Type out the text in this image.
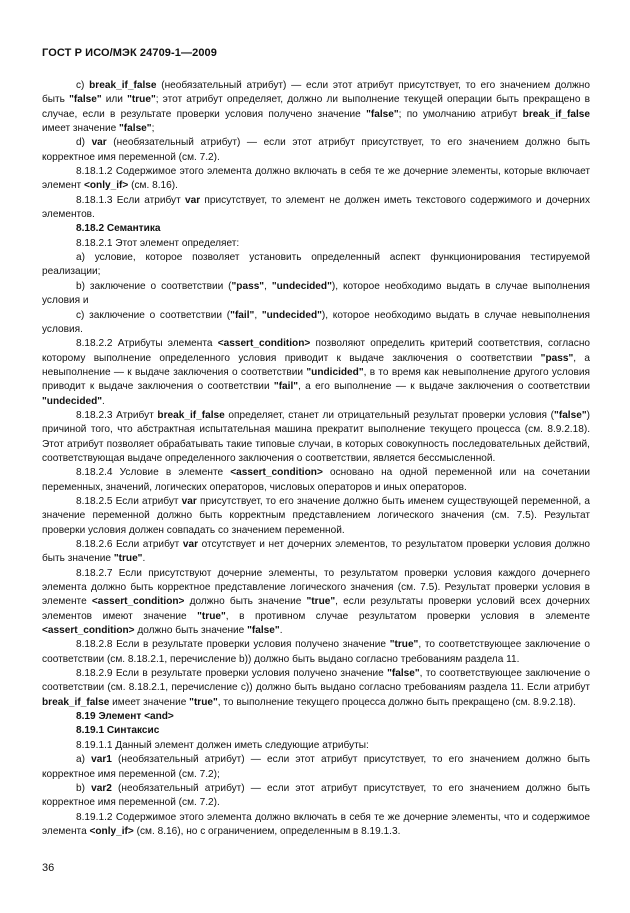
ГОСТ Р ИСО/МЭК 24709-1—2009

c) break_if_false (необязательный атрибут) — если этот атрибут присутствует, то его значением должно быть "false" или "true"; этот атрибут определяет, должно ли выполнение текущей операции быть прекращено в случае, если в результате проверки условия получено значение "false"; по умолчанию атрибут break_if_false имеет значение "false";

d) var (необязательный атрибут) — если этот атрибут присутствует, то его значением должно быть корректное имя переменной (см. 7.2).

8.18.1.2 Содержимое этого элемента должно включать в себя те же дочерние элементы, которые включает элемент <only_if> (см. 8.16).

8.18.1.3 Если атрибут var присутствует, то элемент не должен иметь текстового содержимого и дочерних элементов.

8.18.2 Семантика

8.18.2.1 Этот элемент определяет:

a) условие, которое позволяет установить определенный аспект функционирования тестируемой реализации;

b) заключение о соответствии ("pass", "undecided"), которое необходимо выдать в случае выполнения условия и

c) заключение о соответствии ("fail", "undecided"), которое необходимо выдать в случае невыполнения условия.

8.18.2.2 Атрибуты элемента <assert_condition> позволяют определить критерий соответствия, согласно которому выполнение определенного условия приводит к выдаче заключения о соответствии "pass", а невыполнение — к выдаче заключения о соответствии "undicided", в то время как невыполнение другого условия приводит к выдаче заключения о соответствии "fail", а его выполнение — к выдаче заключения о соответствии "undecided".

8.18.2.3 Атрибут break_if_false определяет, станет ли отрицательный результат проверки условия ("false") причиной того, что абстрактная испытательная машина прекратит выполнение текущего процесса (см. 8.9.2.18). Этот атрибут позволяет обрабатывать такие типовые случаи, в которых совокупность последовательных действий, соответствующая выдаче определенного заключения о соответствии, является бессмысленной.

8.18.2.4 Условие в элементе <assert_condition> основано на одной переменной или на сочетании переменных, значений, логических операторов, числовых операторов и иных операторов.

8.18.2.5 Если атрибут var присутствует, то его значение должно быть именем существующей переменной, а значение переменной должно быть корректным представлением логического значения (см. 7.5). Результат проверки условия должен совпадать со значением переменной.

8.18.2.6 Если атрибут var отсутствует и нет дочерних элементов, то результатом проверки условия должно быть значение "true".

8.18.2.7 Если присутствуют дочерние элементы, то результатом проверки условия каждого дочернего элемента должно быть корректное представление логического значения (см. 7.5). Результат проверки условия в элементе <assert_condition> должно быть значение "true", если результаты проверки условий всех дочерних элементов имеют значение "true", в противном случае результатом проверки условия в элементе <assert_condition> должно быть значение "false".

8.18.2.8 Если в результате проверки условия получено значение "true", то соответствующее заключение о соответствии (см. 8.18.2.1, перечисление b)) должно быть выдано согласно требованиям раздела 11.

8.18.2.9 Если в результате проверки условия получено значение "false", то соответствующее заключение о соответствии (см. 8.18.2.1, перечисление c)) должно быть выдано согласно требованиям раздела 11. Если атрибут break_if_false имеет значение "true", то выполнение текущего процесса должно быть прекращено (см. 8.9.2.18).

8.19 Элемент <and>

8.19.1 Синтаксис

8.19.1.1 Данный элемент должен иметь следующие атрибуты:

a) var1 (необязательный атрибут) — если этот атрибут присутствует, то его значением должно быть корректное имя переменной (см. 7.2);

b) var2 (необязательный атрибут) — если этот атрибут присутствует, то его значением должно быть корректное имя переменной (см. 7.2).

8.19.1.2 Содержимое этого элемента должно включать в себя те же дочерние элементы, что и содержимое элемента <only_if> (см. 8.16), но с ограничением, определенным в 8.19.1.3.

36
